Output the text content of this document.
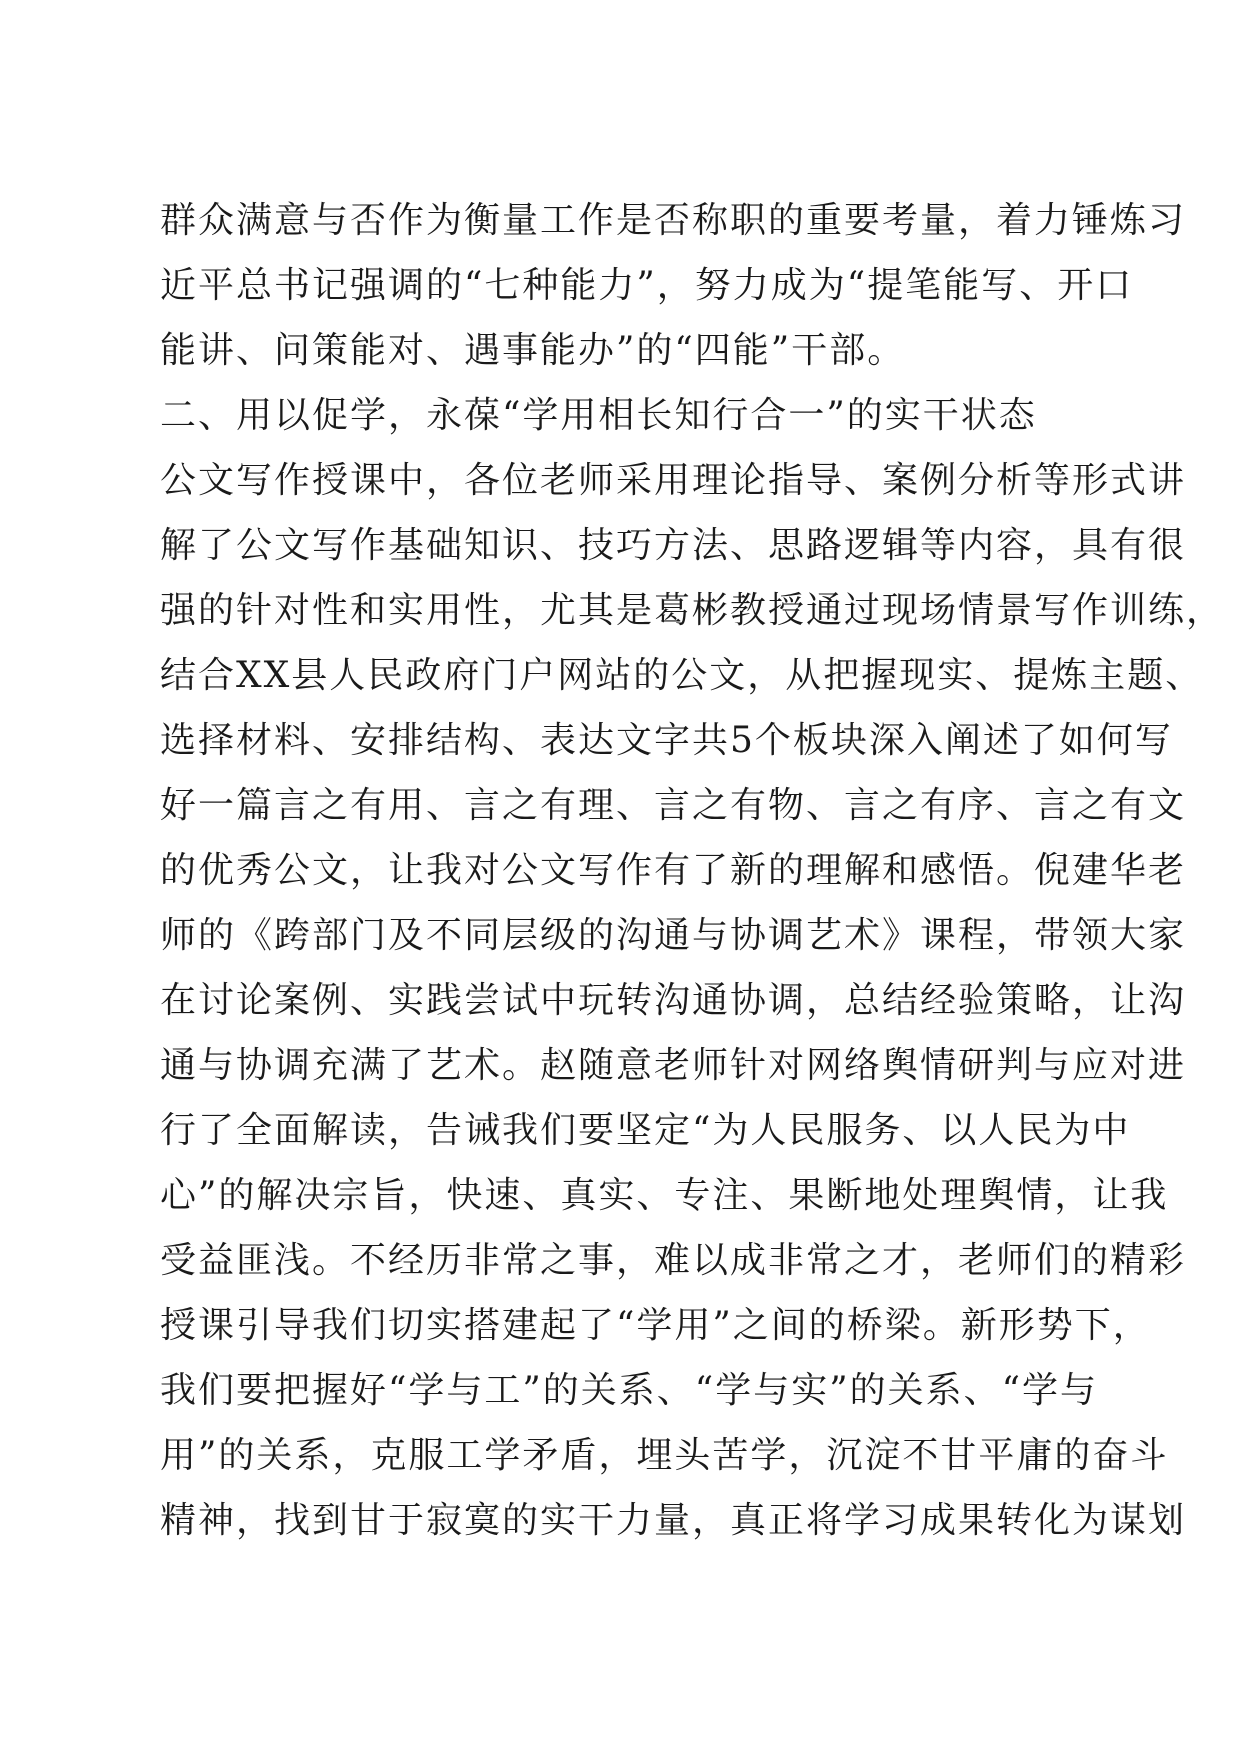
群众满意与否作为衡量工作是否称职的重要考量，着力锤炼习
近平总书记强调的“七种能力”，努力成为“提笔能写、开口
能讲、问策能对、遇事能办”的“四能”干部。
二、用以促学，永葆“学用相长知行合一”的实干状态
公文写作授课中，各位老师采用理论指导、案例分析等形式讲
解了公文写作基础知识、技巧方法、思路逻辑等内容，具有很
强的针对性和实用性，尤其是葛彬教授通过现场情景写作训练，
结合XX县人民政府门户网站的公文，从把握现实、提炼主题、
选择材料、安排结构、表达文字共5个板块深入阐述了如何写
好一篇言之有用、言之有理、言之有物、言之有序、言之有文
的优秀公文，让我对公文写作有了新的理解和感悟。倪建华老
师的《跨部门及不同层级的沟通与协调艺术》课程，带领大家
在讨论案例、实践尝试中玩转沟通协调，总结经验策略，让沟
通与协调充满了艺术。赵随意老师针对网络舆情研判与应对进
行了全面解读，告诫我们要坚定“为人民服务、以人民为中
心”的解决宗旨，快速、真实、专注、果断地处理舆情，让我
受益匪浅。不经历非常之事，难以成非常之才，老师们的精彩
授课引导我们切实搭建起了“学用”之间的桥梁。新形势下，
我们要把握好“学与工”的关系、“学与实”的关系、“学与
用”的关系，克服工学矛盾，埋头苦学，沉淀不甘平庸的奋斗
精神，找到甘于寂寞的实干力量，真正将学习成果转化为谋划
